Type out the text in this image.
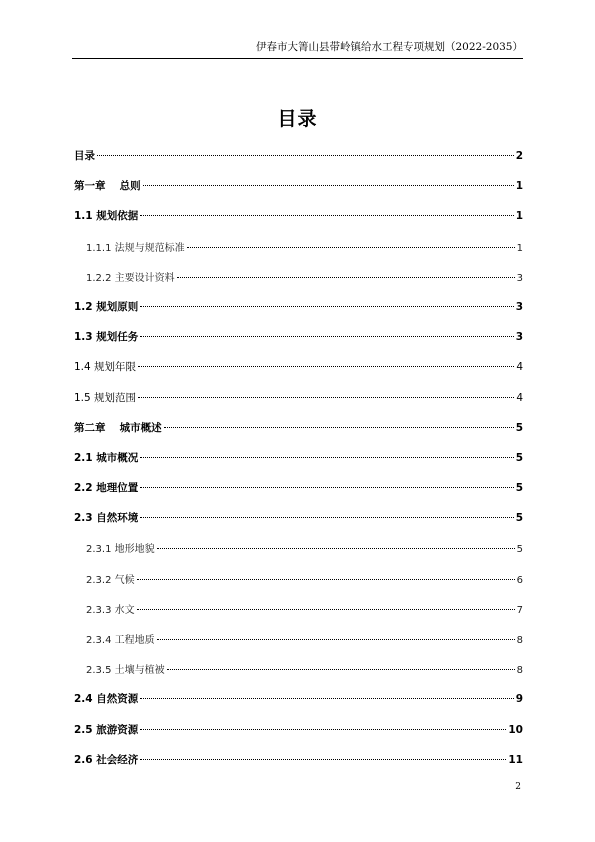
伊春市大箐山县带岭镇给水工程专项规划（2022-2035）
目录
目录	2
第一章　 总则	1
1.1 规划依据	1
1.1.1 法规与规范标准	1
1.2.2 主要设计资料	3
1.2 规划原则	3
1.3 规划任务	3
1.4 规划年限	4
1.5 规划范围	4
第二章　 城市概述	5
2.1 城市概况	5
2.2 地理位置	5
2.3 自然环境	5
2.3.1 地形地貌	5
2.3.2 气候	6
2.3.3 水文	7
2.3.4 工程地质	8
2.3.5 土壤与植被	8
2.4 自然资源	9
2.5 旅游资源	10
2.6 社会经济	11
2
